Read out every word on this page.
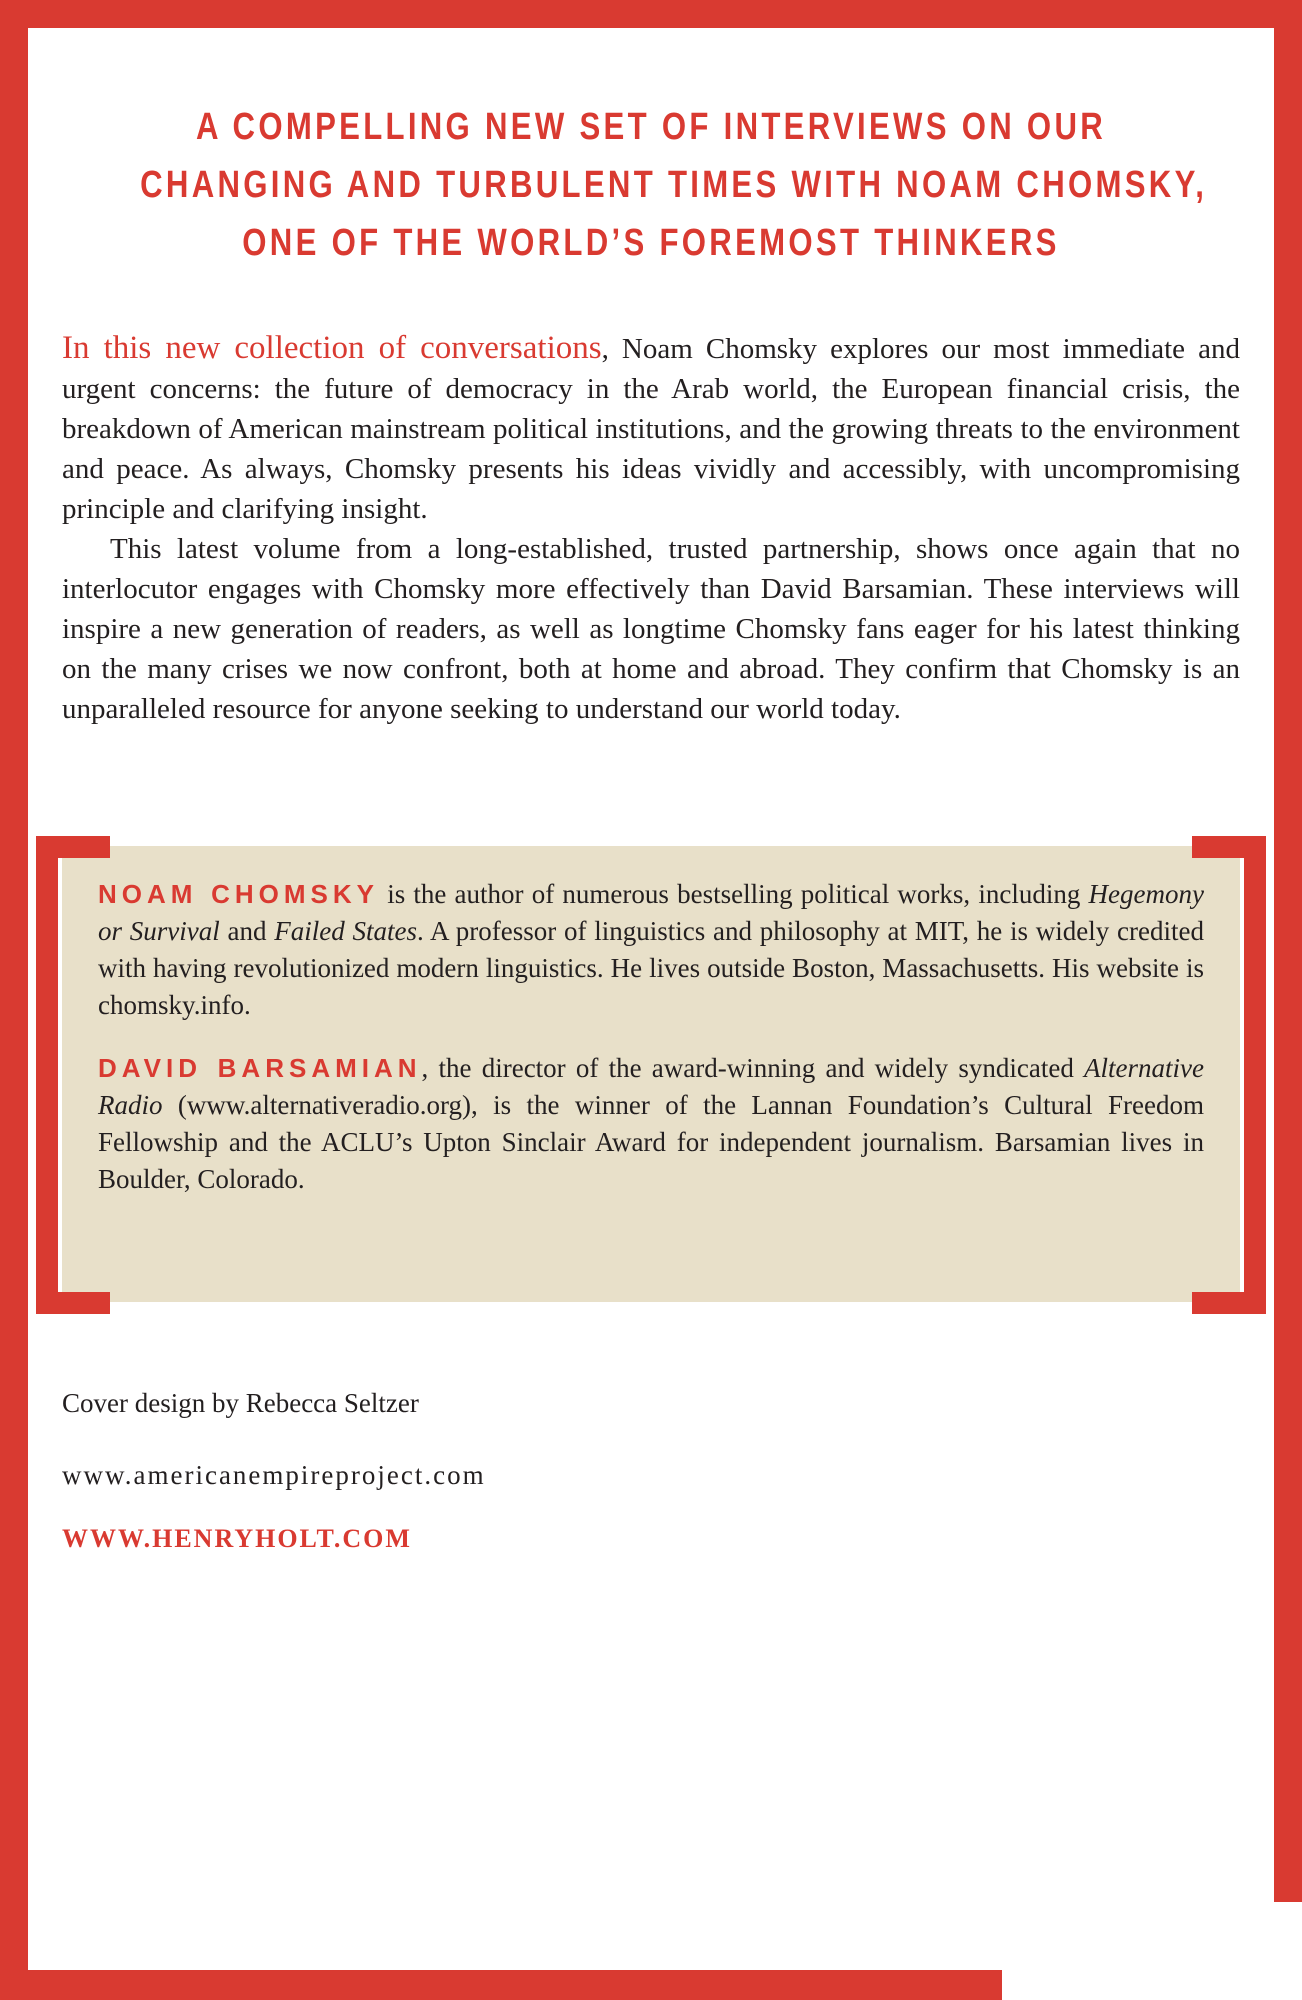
A COMPELLING NEW SET OF INTERVIEWS ON OUR
CHANGING AND TURBULENT TIMES WITH NOAM CHOMSKY,
ONE OF THE WORLD’S FOREMOST THINKERS

In this new collection of conversations, Noam Chomsky explores our most immediate and urgent concerns: the future of democracy in the Arab world, the European financial crisis, the breakdown of American mainstream political institutions, and the growing threats to the environment and peace. As always, Chomsky presents his ideas vividly and accessibly, with uncompromising principle and clarifying insight.

This latest volume from a long-established, trusted partnership, shows once again that no interlocutor engages with Chomsky more effectively than David Barsamian. These interviews will inspire a new generation of readers, as well as longtime Chomsky fans eager for his latest thinking on the many crises we now confront, both at home and abroad. They confirm that Chomsky is an unparalleled resource for anyone seeking to understand our world today.

NOAM CHOMSKY is the author of numerous bestselling political works, including Hegemony or Survival and Failed States. A professor of linguistics and philosophy at MIT, he is widely credited with having revolutionized modern linguistics. He lives outside Boston, Massachusetts. His website is chomsky.info.

DAVID BARSAMIAN, the director of the award-winning and widely syndicated Alternative Radio (www.alternativeradio.org), is the winner of the Lannan Foundation’s Cultural Freedom Fellowship and the ACLU’s Upton Sinclair Award for independent journalism. Barsamian lives in Boulder, Colorado.

Cover design by Rebecca Seltzer
www.americanempireproject.com
WWW.HENRYHOLT.COM
